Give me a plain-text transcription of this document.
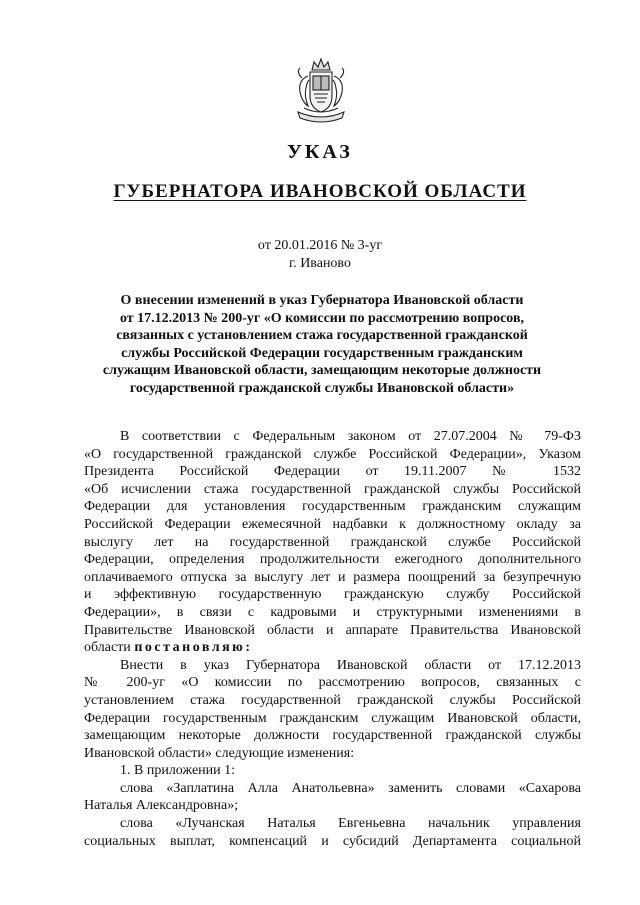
УКАЗ
ГУБЕРНАТОРА ИВАНОВСКОЙ ОБЛАСТИ
от 20.01.2016 № 3-уг
г. Иваново
О внесении изменений в указ Губернатора Ивановской области
от 17.12.2013 № 200-уг «О комиссии по рассмотрению вопросов,
связанных с установлением стажа государственной гражданской
службы Российской Федерации государственным гражданским
служащим Ивановской области, замещающим некоторые должности
государственной гражданской службы Ивановской области»

В соответствии с Федеральным законом от 27.07.2004 № 79-ФЗ

«О государственной гражданской службе Российской Федерации», Указом

Президента Российской Федерации от 19.11.2007 № 1532

«Об исчислении стажа государственной гражданской службы Российской

Федерации для установления государственным гражданским служащим

Российской Федерации ежемесячной надбавки к должностному окладу за

выслугу лет на государственной гражданской службе Российской

Федерации, определения продолжительности ежегодного дополнительного

оплачиваемого отпуска за выслугу лет и размера поощрений за безупречную

и эффективную государственную гражданскую службу Российской

Федерации», в связи с кадровыми и структурными изменениями в

Правительстве Ивановской области и аппарате Правительства Ивановской

области постановляю:

Внести в указ Губернатора Ивановской области от 17.12.2013

№ 200-уг «О комиссии по рассмотрению вопросов, связанных с

установлением стажа государственной гражданской службы Российской

Федерации государственным гражданским служащим Ивановской области,

замещающим некоторые должности государственной гражданской службы

Ивановской области» следующие изменения:

1. В приложении 1:

слова «Заплатина Алла Анатольевна» заменить словами «Сахарова

Наталья Александровна»;

слова «Лучанская Наталья Евгеньевна начальник управления

социальных выплат, компенсаций и субсидий Департамента социальной
